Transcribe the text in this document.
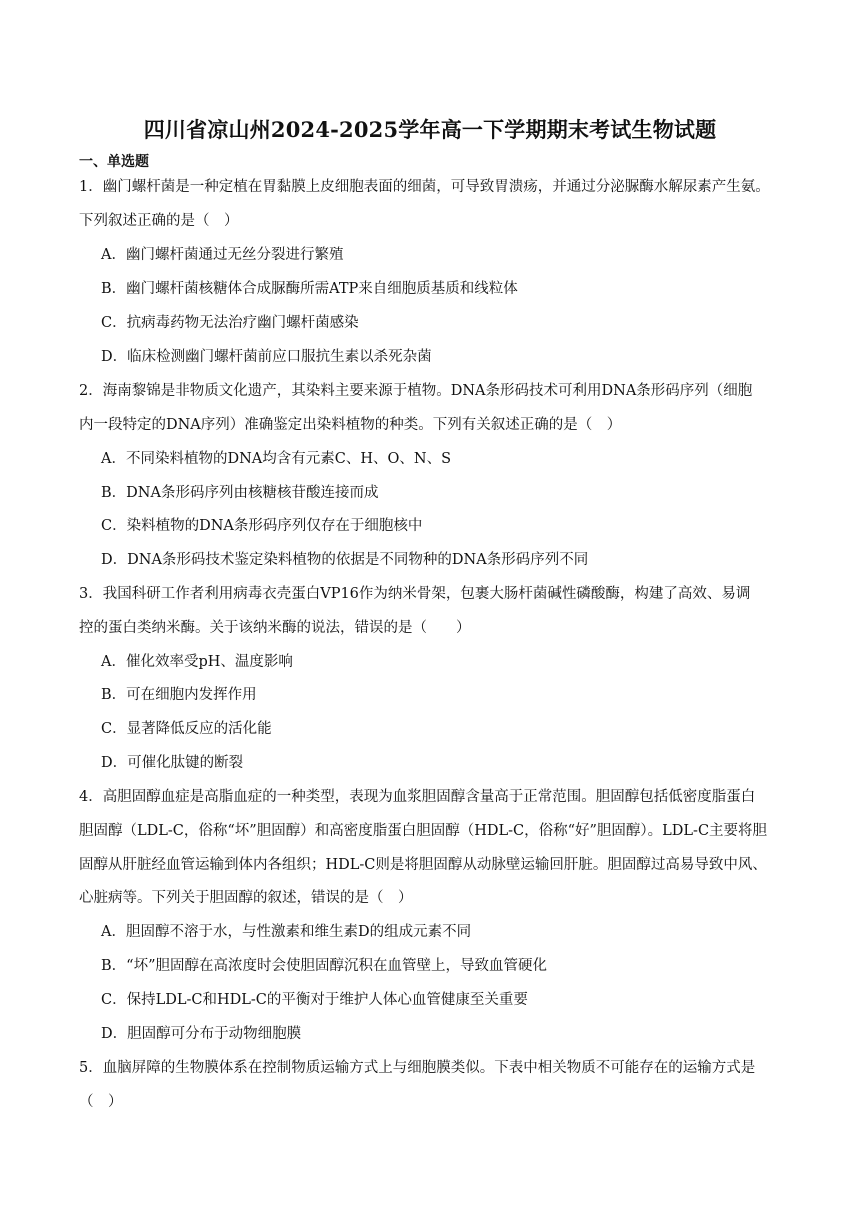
四川省凉山州2024-2025学年高一下学期期末考试生物试题
一、单选题
1．幽门螺杆菌是一种定植在胃黏膜上皮细胞表面的细菌，可导致胃溃疡，并通过分泌脲酶水解尿素产生氨。
下列叙述正确的是（　）
A．幽门螺杆菌通过无丝分裂进行繁殖
B．幽门螺杆菌核糖体合成脲酶所需ATP来自细胞质基质和线粒体
C．抗病毒药物无法治疗幽门螺杆菌感染
D．临床检测幽门螺杆菌前应口服抗生素以杀死杂菌
2．海南黎锦是非物质文化遗产，其染料主要来源于植物。DNA条形码技术可利用DNA条形码序列（细胞
内一段特定的DNA序列）准确鉴定出染料植物的种类。下列有关叙述正确的是（　）
A．不同染料植物的DNA均含有元素C、H、O、N、S
B．DNA条形码序列由核糖核苷酸连接而成
C．染料植物的DNA条形码序列仅存在于细胞核中
D．DNA条形码技术鉴定染料植物的依据是不同物种的DNA条形码序列不同
3．我国科研工作者利用病毒衣壳蛋白VP16作为纳米骨架，包裹大肠杆菌碱性磷酸酶，构建了高效、易调
控的蛋白类纳米酶。关于该纳米酶的说法，错误的是（　　）
A．催化效率受pH、温度影响
B．可在细胞内发挥作用
C．显著降低反应的活化能
D．可催化肽键的断裂
4．高胆固醇血症是高脂血症的一种类型，表现为血浆胆固醇含量高于正常范围。胆固醇包括低密度脂蛋白
胆固醇（LDL-C，俗称“坏”胆固醇）和高密度脂蛋白胆固醇（HDL-C，俗称“好”胆固醇）。LDL-C主要将胆
固醇从肝脏经血管运输到体内各组织；HDL-C则是将胆固醇从动脉壁运输回肝脏。胆固醇过高易导致中风、
心脏病等。下列关于胆固醇的叙述，错误的是（　）
A．胆固醇不溶于水，与性激素和维生素D的组成元素不同
B．“坏”胆固醇在高浓度时会使胆固醇沉积在血管壁上，导致血管硬化
C．保持LDL-C和HDL-C的平衡对于维护人体心血管健康至关重要
D．胆固醇可分布于动物细胞膜
5．血脑屏障的生物膜体系在控制物质运输方式上与细胞膜类似。下表中相关物质不可能存在的运输方式是
（　）
